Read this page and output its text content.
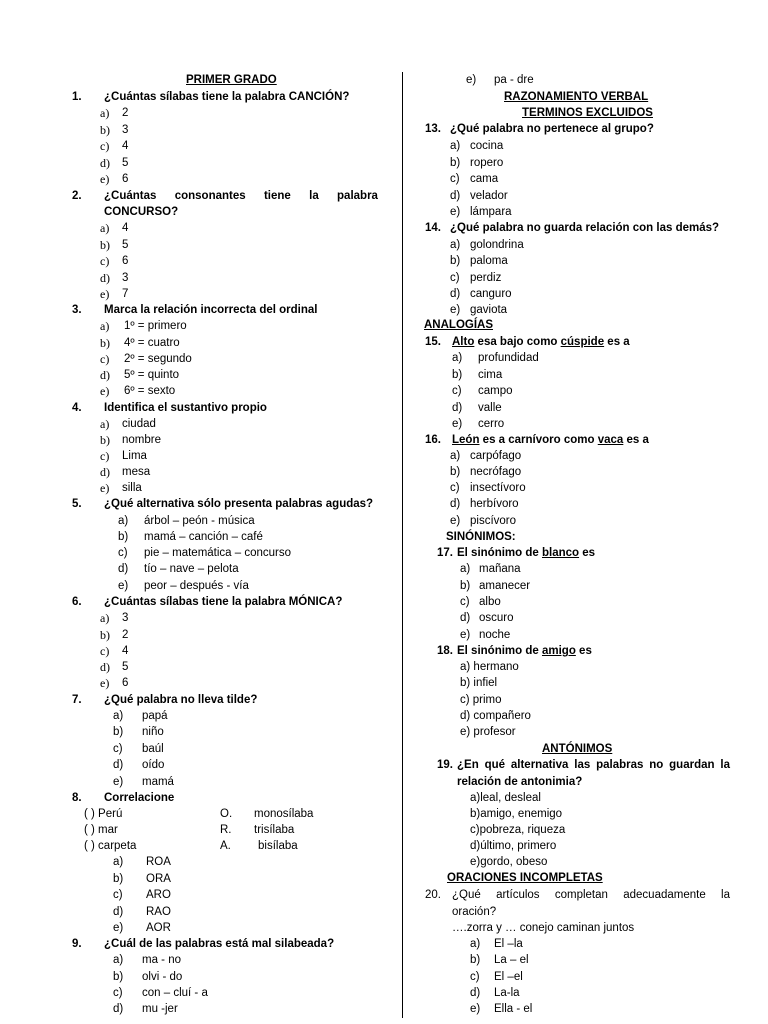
PRIMER GRADO
1. ¿Cuántas sílabas tiene la palabra CANCIÓN?
a) 2
b) 3
c) 4
d) 5
e) 6
2. ¿Cuántas consonantes tiene la palabra
CONCURSO?
a) 4
b) 5
c) 6
d) 3
e) 7
3. Marca la relación incorrecta del ordinal
a) 1º = primero
b) 4º = cuatro
c) 2º = segundo
d) 5º = quinto
e) 6º = sexto
4. Identifica el sustantivo propio
a) ciudad
b) nombre
c) Lima
d) mesa
e) silla
5. ¿Qué alternativa sólo presenta palabras agudas?
a) árbol – peón - música
b) mamá – canción – café
c) pie – matemática – concurso
d) tío – nave – pelota
e) peor – después - vía
6. ¿Cuántas sílabas tiene la palabra MÓNICA?
a) 3
b) 2
c) 4
d) 5
e) 6
7. ¿Qué palabra no lleva tilde?
a) papá
b) niño
c) baúl
d) oído
e) mamá
8. Correlacione
( ) Perú	O. monosílaba
( ) mar	R. trisílaba
( ) carpeta	A. bisílaba
a) ROA
b) ORA
c) ARO
d) RAO
e) AOR
9. ¿Cuál de las palabras está mal silabeada?
a) ma - no
b) olvi - do
c) con – cluí - a
d) mu -jer
e) pa - dre
RAZONAMIENTO VERBAL
TERMINOS EXCLUIDOS
13. ¿Qué palabra no pertenece al grupo?
a) cocina
b) ropero
c) cama
d) velador
e) lámpara
14. ¿Qué palabra no guarda relación con las demás?
a) golondrina
b) paloma
c) perdiz
d) canguro
e) gaviota
ANALOGÍAS
15. Alto esa bajo como cúspide es a
a) profundidad
b) cima
c) campo
d) valle
e) cerro
16. León es a carnívoro como vaca es a
a) carpófago
b) necrófago
c) insectívoro
d) herbívoro
e) piscívoro
SINÓNIMOS:
17. El sinónimo de blanco es
a) mañana
b) amanecer
c) albo
d) oscuro
e) noche
18. El sinónimo de amigo es
a) hermano
b) infiel
c) primo
d) compañero
e) profesor
ANTÓNIMOS
19. ¿En qué alternativa las palabras no guardan la
relación de antonimia?
a)leal, desleal
b)amigo, enemigo
c)pobreza, riqueza
d)último, primero
e)gordo, obeso
ORACIONES INCOMPLETAS
20. ¿Qué artículos completan adecuadamente la
oración?
….zorra y … conejo caminan juntos
a) El –la
b) La – el
c) El –el
d) La-la
e) Ella - el
